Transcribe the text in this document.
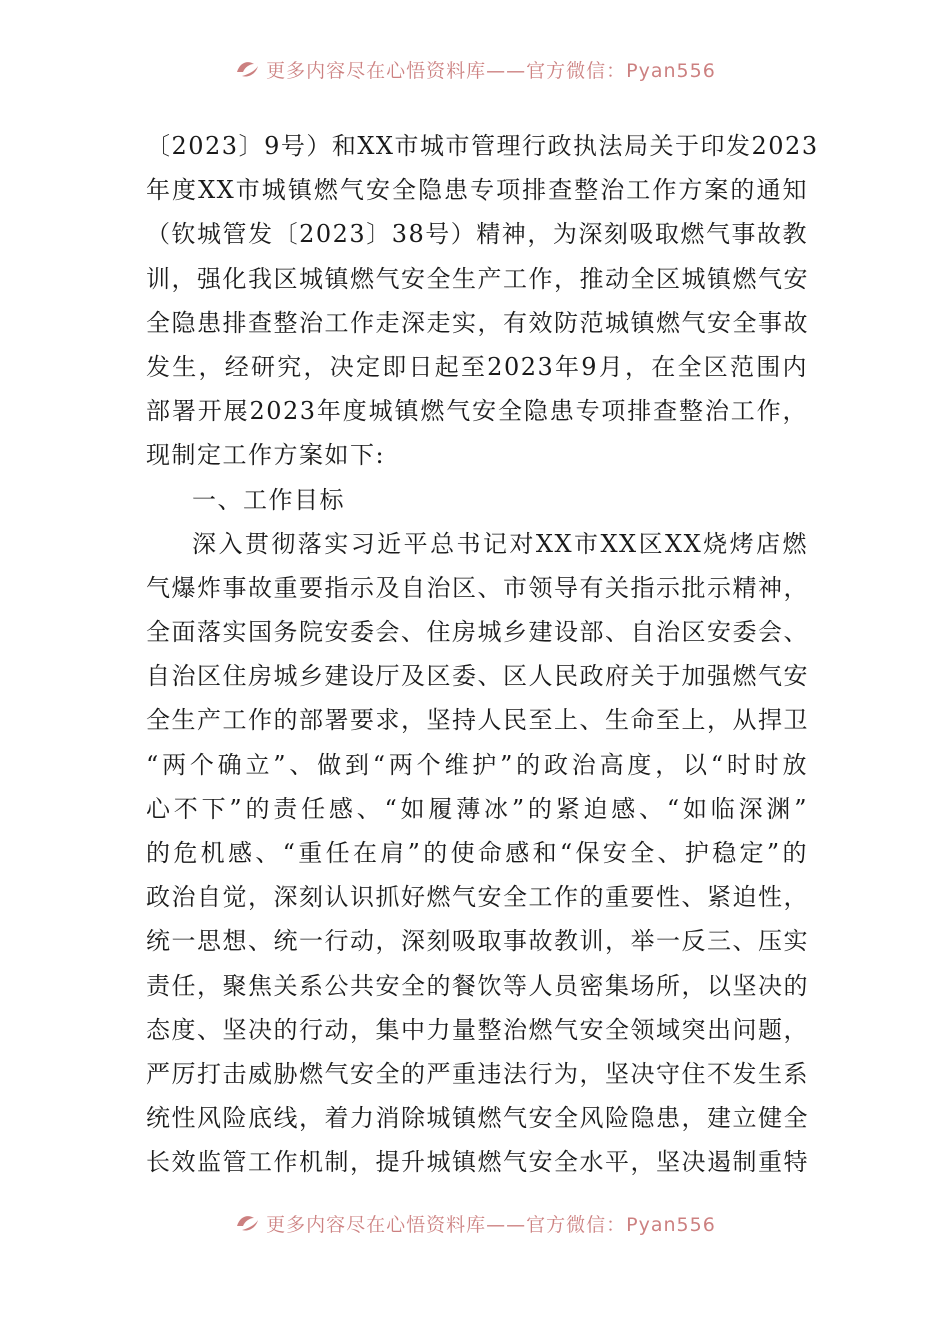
更多内容尽在心悟资料库——官方微信：Pyan556
〔2023〕9号）和XX市城市管理行政执法局关于印发2023
年度XX市城镇燃气安全隐患专项排查整治工作方案的通知
（钦城管发〔2023〕38号）精神，为深刻吸取燃气事故教
训，强化我区城镇燃气安全生产工作，推动全区城镇燃气安
全隐患排查整治工作走深走实，有效防范城镇燃气安全事故
发生，经研究，决定即日起至2023年9月，在全区范围内
部署开展2023年度城镇燃气安全隐患专项排查整治工作，
现制定工作方案如下:
一、工作目标
深入贯彻落实习近平总书记对XX市XX区XX烧烤店燃
气爆炸事故重要指示及自治区、市领导有关指示批示精神，
全面落实国务院安委会、住房城乡建设部、自治区安委会、
自治区住房城乡建设厅及区委、区人民政府关于加强燃气安
全生产工作的部署要求，坚持人民至上、生命至上，从捍卫
“两个确立”、做到“两个维护”的政治高度，以“时时放
心不下”的责任感、“如履薄冰”的紧迫感、“如临深渊”
的危机感、“重任在肩”的使命感和“保安全、护稳定”的
政治自觉，深刻认识抓好燃气安全工作的重要性、紧迫性，
统一思想、统一行动，深刻吸取事故教训，举一反三、压实
责任，聚焦关系公共安全的餐饮等人员密集场所，以坚决的
态度、坚决的行动，集中力量整治燃气安全领域突出问题，
严厉打击威胁燃气安全的严重违法行为，坚决守住不发生系
统性风险底线，着力消除城镇燃气安全风险隐患，建立健全
长效监管工作机制，提升城镇燃气安全水平，坚决遏制重特
更多内容尽在心悟资料库——官方微信：Pyan556
